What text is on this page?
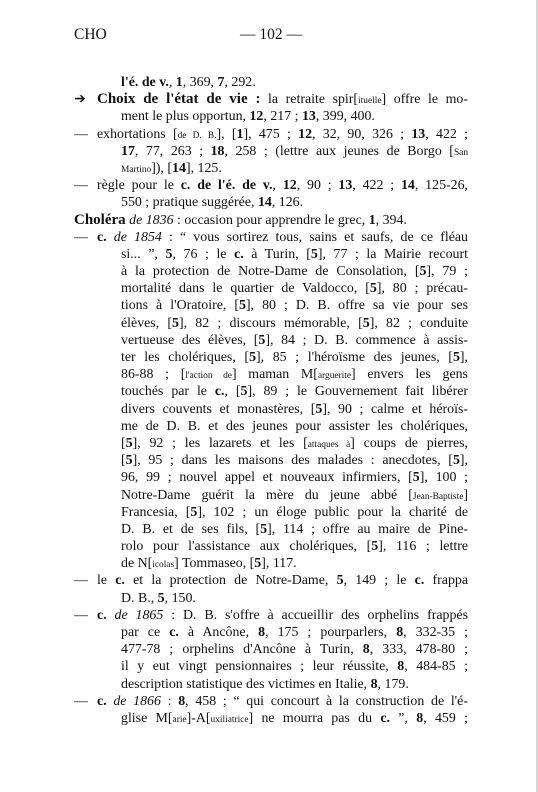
CHO	— 102 —
l'é. de v., 1, 369, 7, 292.
➔ Choix de l'état de vie : la retraite spir[ituelle] offre le mo-
ment le plus opportun, 12, 217 ; 13, 399, 400.
— exhortations [de D. B.], [1], 475 ; 12, 32, 90, 326 ; 13, 422 ;
17, 77, 263 ; 18, 258 ; (lettre aux jeunes de Borgo [San
Martino]), [14], 125.
— règle pour le c. de l'é. de v., 12, 90 ; 13, 422 ; 14, 125-26,
550 ; pratique suggérée, 14, 126.
Choléra de 1836 : occasion pour apprendre le grec, 1, 394.
— c. de 1854 : “ vous sortirez tous, sains et saufs, de ce fléau
si... ”, 5, 76 ; le c. à Turin, [5], 77 ; la Mairie recourt
à la protection de Notre-Dame de Consolation, [5], 79 ;
mortalité dans le quartier de Valdocco, [5], 80 ; précau-
tions à l'Oratoire, [5], 80 ; D. B. offre sa vie pour ses
élèves, [5], 82 ; discours mémorable, [5], 82 ; conduite
vertueuse des élèves, [5], 84 ; D. B. commence à assis-
ter les cholériques, [5], 85 ; l'héroïsme des jeunes, [5],
86-88 ; [l'action de] maman M[arguerite] envers les gens
touchés par le c., [5], 89 ; le Gouvernement fait libérer
divers couvents et monastères, [5], 90 ; calme et héroïs-
me de D. B. et des jeunes pour assister les cholériques,
[5], 92 ; les lazarets et les [attaques à] coups de pierres,
[5], 95 ; dans les maisons des malades : anecdotes, [5],
96, 99 ; nouvel appel et nouveaux infirmiers, [5], 100 ;
Notre-Dame guérit la mère du jeune abbé [Jean-Baptiste]
Francesia, [5], 102 ; un éloge public pour la charité de
D. B. et de ses fils, [5], 114 ; offre au maire de Pine-
rolo pour l'assistance aux cholériques, [5], 116 ; lettre
de N[icolas] Tommaseo, [5], 117.
— le c. et la protection de Notre-Dame, 5, 149 ; le c. frappa
D. B., 5, 150.
— c. de 1865 : D. B. s'offre à accueillir des orphelins frappés
par ce c. à Ancône, 8, 175 ; pourparlers, 8, 332-35 ;
477-78 ; orphelins d'Ancône à Turin, 8, 333, 478-80 ;
il y eut vingt pensionnaires ; leur réussite, 8, 484-85 ;
description statistique des victimes en Italie, 8, 179.
— c. de 1866 : 8, 458 ; “ qui concourt à la construction de l'é-
glise M[arie]-A[uxiliatrice] ne mourra pas du c. ”, 8, 459 ;
